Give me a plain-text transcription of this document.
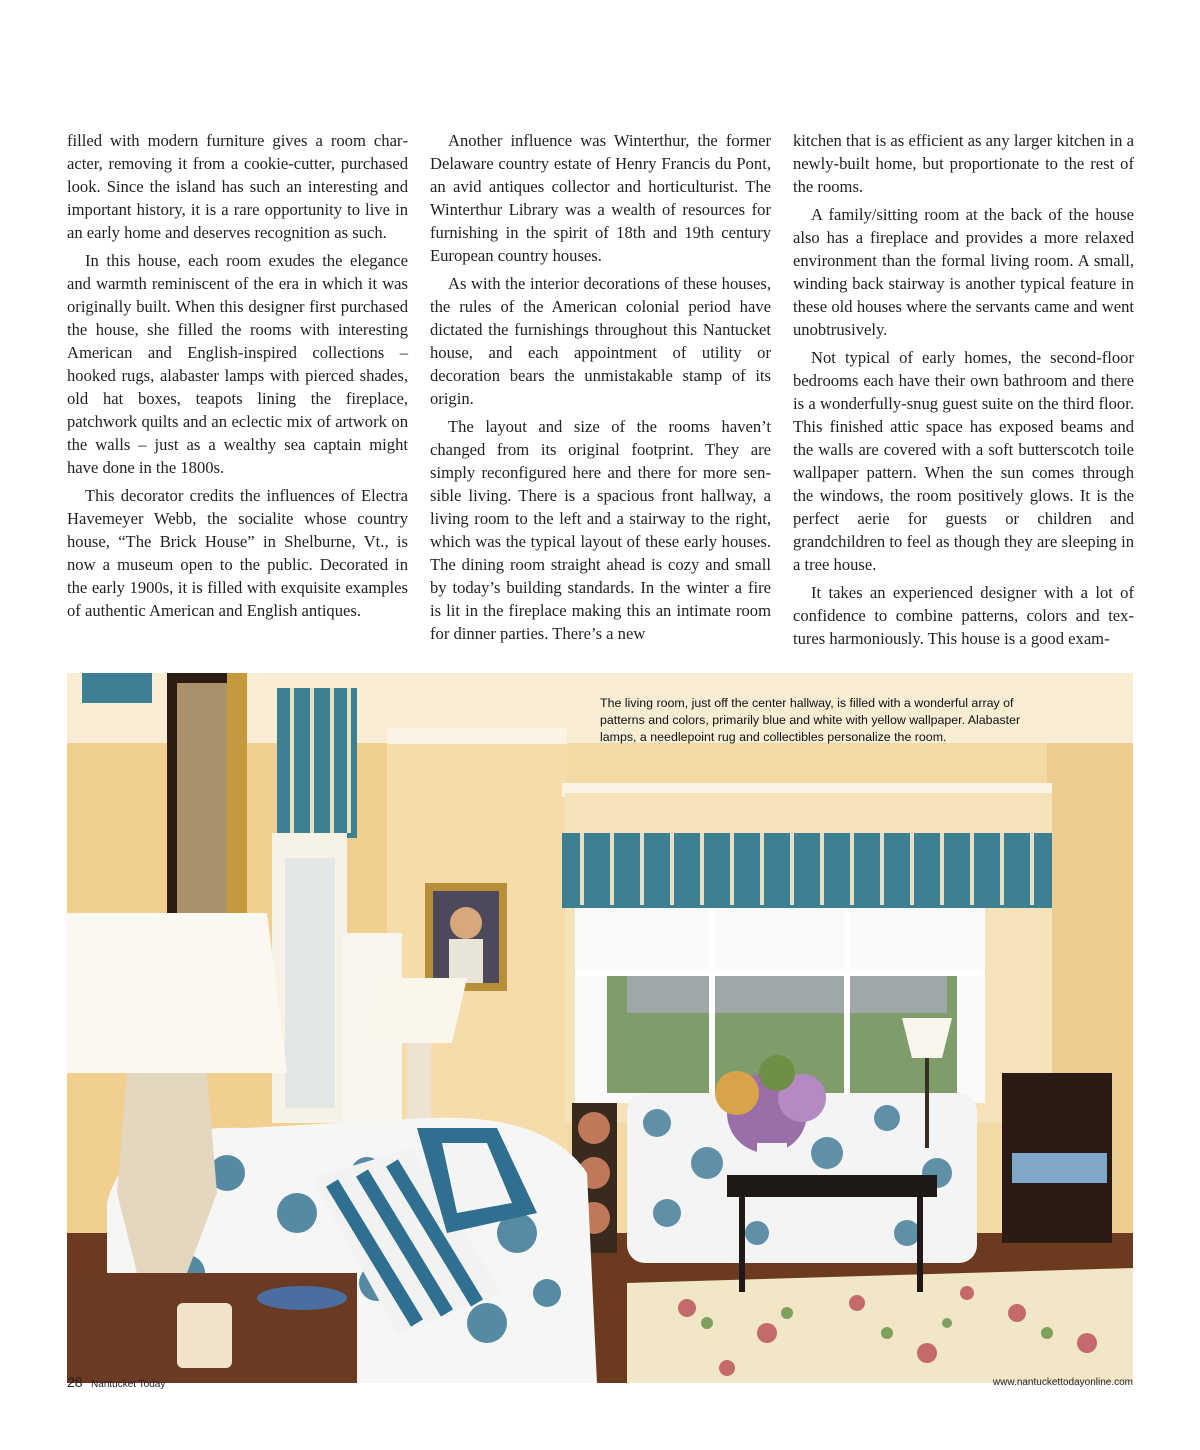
filled with modern furniture gives a room character, removing it from a cookie-cutter, purchased look. Since the island has such an interesting and important history, it is a rare opportunity to live in an early home and deserves recognition as such.

In this house, each room exudes the elegance and warmth reminiscent of the era in which it was originally built. When this designer first purchased the house, she filled the rooms with interesting American and English-inspired collections – hooked rugs, alabaster lamps with pierced shades, old hat boxes, teapots lining the fireplace, patchwork quilts and an eclectic mix of artwork on the walls – just as a wealthy sea captain might have done in the 1800s.

This decorator credits the influences of Electra Havemeyer Webb, the socialite whose country house, “The Brick House” in Shelburne, Vt., is now a museum open to the public. Decorated in the early 1900s, it is filled with exquisite examples of authentic American and English antiques.

Another influence was Winterthur, the former Delaware country estate of Henry Francis du Pont, an avid antiques collector and horticulturist. The Winterthur Library was a wealth of resources for furnishing in the spirit of 18th and 19th century European country houses.

As with the interior decorations of these houses, the rules of the American colonial period have dictated the furnishings throughout this Nantucket house, and each appointment of utility or decoration bears the unmistakable stamp of its origin.

The layout and size of the rooms haven’t changed from its original footprint. They are simply reconfigured here and there for more sensible living. There is a spacious front hallway, a living room to the left and a stairway to the right, which was the typical layout of these early houses. The dining room straight ahead is cozy and small by today’s building standards. In the winter a fire is lit in the fireplace making this an intimate room for dinner parties. There’s a new

kitchen that is as efficient as any larger kitchen in a newly-built home, but proportionate to the rest of the rooms.

A family/sitting room at the back of the house also has a fireplace and provides a more relaxed environment than the formal living room. A small, winding back stairway is another typical feature in these old houses where the servants came and went unobtrusively.

Not typical of early homes, the second-floor bedrooms each have their own bathroom and there is a wonderfully-snug guest suite on the third floor. This finished attic space has exposed beams and the walls are covered with a soft butterscotch toile wallpaper pattern. When the sun comes through the windows, the room positively glows. It is the perfect aerie for guests or children and grandchildren to feel as though they are sleeping in a tree house.

It takes an experienced designer with a lot of confidence to combine patterns, colors and textures harmoniously. This house is a good exam-

The living room, just off the center hallway, is filled with a wonderful array of patterns and colors, primarily blue and white with yellow wallpaper. Alabaster lamps, a needlepoint rug and collectibles personalize the room.
28 Nantucket Today	www.nantuckettodayonline.com
